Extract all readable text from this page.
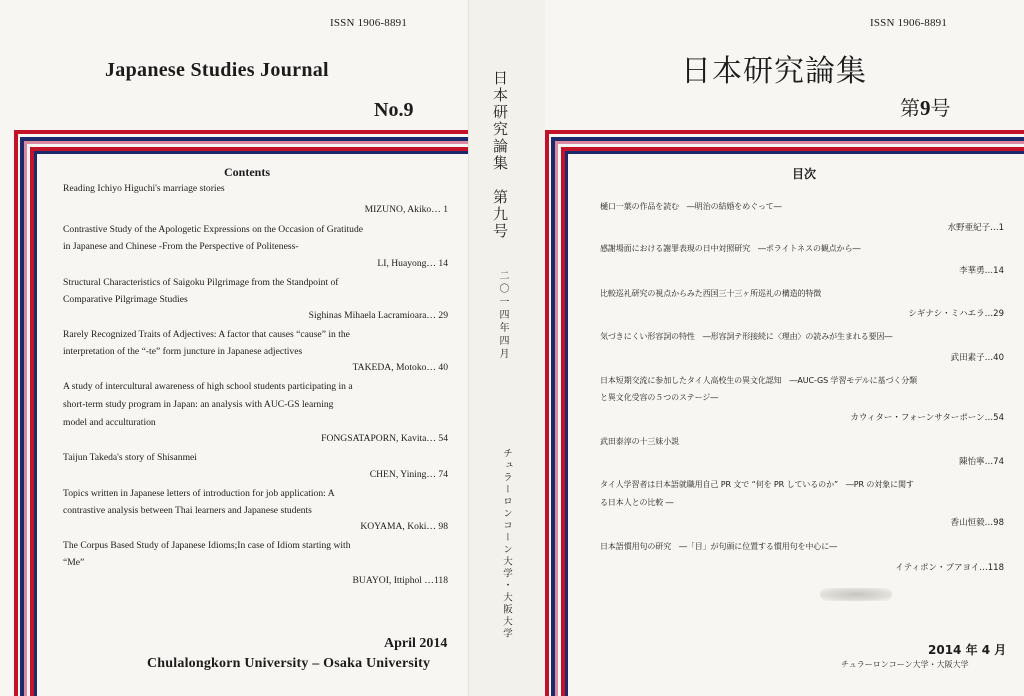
ISSN 1906-8891
Japanese Studies Journal
No.9
Contents
Reading Ichiyo Higuchi's marriage stories
MIZUNO, Akiko… 1
Contrastive Study of the Apologetic Expressions on the Occasion of Gratitude
in Japanese and Chinese -From the Perspective of Politeness-
LI, Huayong… 14
Structural Characteristics of Saigoku Pilgrimage from the Standpoint of
Comparative Pilgrimage Studies
Sighinas Mihaela Lacramioara… 29
Rarely Recognized Traits of Adjectives: A factor that causes “cause” in the
interpretation of the “-te” form juncture in Japanese adjectives
TAKEDA, Motoko… 40
A study of intercultural awareness of high school students participating in a
short-term study program in Japan: an analysis with AUC-GS learning
model and acculturation
FONGSATAPORN, Kavita… 54
Taijun Takeda's story of Shisanmei
CHEN, Yining… 74
Topics written in Japanese letters of introduction for job application: A
contrastive analysis between Thai learners and Japanese students
KOYAMA, Koki… 98
The Corpus Based Study of Japanese Idioms;In case of Idiom starting with
“Me”
BUAYOI, Ittiphol …118
April 2014
Chulalongkorn University – Osaka University
日本研究論集　第九号
二〇一四年四月
チュラーロンコーン大学・大阪大学
ISSN 1906-8891
日本研究論集
第9号
目次
樋口一葉の作品を読む　―明治の結婚をめぐって―
水野亜紀子…1
感謝場面における謝罪表現の日中対照研究　―ポライトネスの観点から―
李華勇…14
比較巡礼研究の視点からみた西国三十三ヶ所巡礼の構造的特徴
シギナシ・ミハエラ…29
気づきにくい形容詞の特性　―形容詞テ形接続に〈理由〉の読みが生まれる要因―
武田素子…40
日本短期交流に参加したタイ人高校生の異文化認知　―AUC-GS 学習モデルに基づく分類
と異文化受容の５つのステージ―
カウィター・フォーンサターポーン…54
武田泰淳の十三妹小説
陳怡寧…74
タイ人学習者は日本語就職用自己 PR 文で “何を PR しているのか”　―PR の対象に関す
る日本人との比較 ―
香山恒毅…98
日本語慣用句の研究　―「目」が句頭に位置する慣用句を中心に―
イティポン・ブアヨイ…118
2014 年 4 月
チュラーロンコーン大学・大阪大学
